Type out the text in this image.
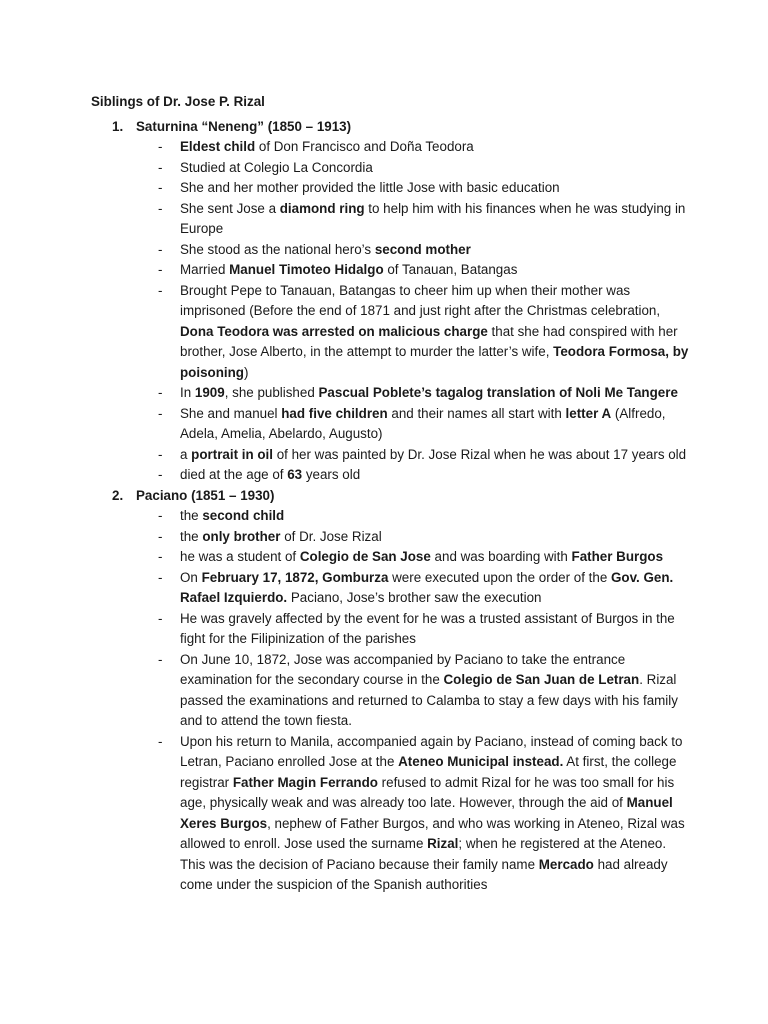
Siblings of Dr. Jose P. Rizal
1. Saturnina “Neneng” (1850 – 1913)
- Eldest child of Don Francisco and Doña Teodora
- Studied at Colegio La Concordia
- She and her mother provided the little Jose with basic education
- She sent Jose a diamond ring to help him with his finances when he was studying in Europe
- She stood as the national hero’s second mother
- Married Manuel Timoteo Hidalgo of Tanauan, Batangas
- Brought Pepe to Tanauan, Batangas to cheer him up when their mother was imprisoned (Before the end of 1871 and just right after the Christmas celebration, Dona Teodora was arrested on malicious charge that she had conspired with her brother, Jose Alberto, in the attempt to murder the latter’s wife, Teodora Formosa, by poisoning)
- In 1909, she published Pascual Poblete’s tagalog translation of Noli Me Tangere
- She and manuel had five children and their names all start with letter A (Alfredo, Adela, Amelia, Abelardo, Augusto)
- a portrait in oil of her was painted by Dr. Jose Rizal when he was about 17 years old
- died at the age of 63 years old
2. Paciano (1851 – 1930)
- the second child
- the only brother of Dr. Jose Rizal
- he was a student of Colegio de San Jose and was boarding with Father Burgos
- On February 17, 1872, Gomburza were executed upon the order of the Gov. Gen. Rafael Izquierdo. Paciano, Jose’s brother saw the execution
- He was gravely affected by the event for he was a trusted assistant of Burgos in the fight for the Filipinization of the parishes
- On June 10, 1872, Jose was accompanied by Paciano to take the entrance examination for the secondary course in the Colegio de San Juan de Letran. Rizal passed the examinations and returned to Calamba to stay a few days with his family and to attend the town fiesta.
- Upon his return to Manila, accompanied again by Paciano, instead of coming back to Letran, Paciano enrolled Jose at the Ateneo Municipal instead. At first, the college registrar Father Magin Ferrando refused to admit Rizal for he was too small for his age, physically weak and was already too late. However, through the aid of Manuel Xeres Burgos, nephew of Father Burgos, and who was working in Ateneo, Rizal was allowed to enroll. Jose used the surname Rizal; when he registered at the Ateneo. This was the decision of Paciano because their family name Mercado had already come under the suspicion of the Spanish authorities
